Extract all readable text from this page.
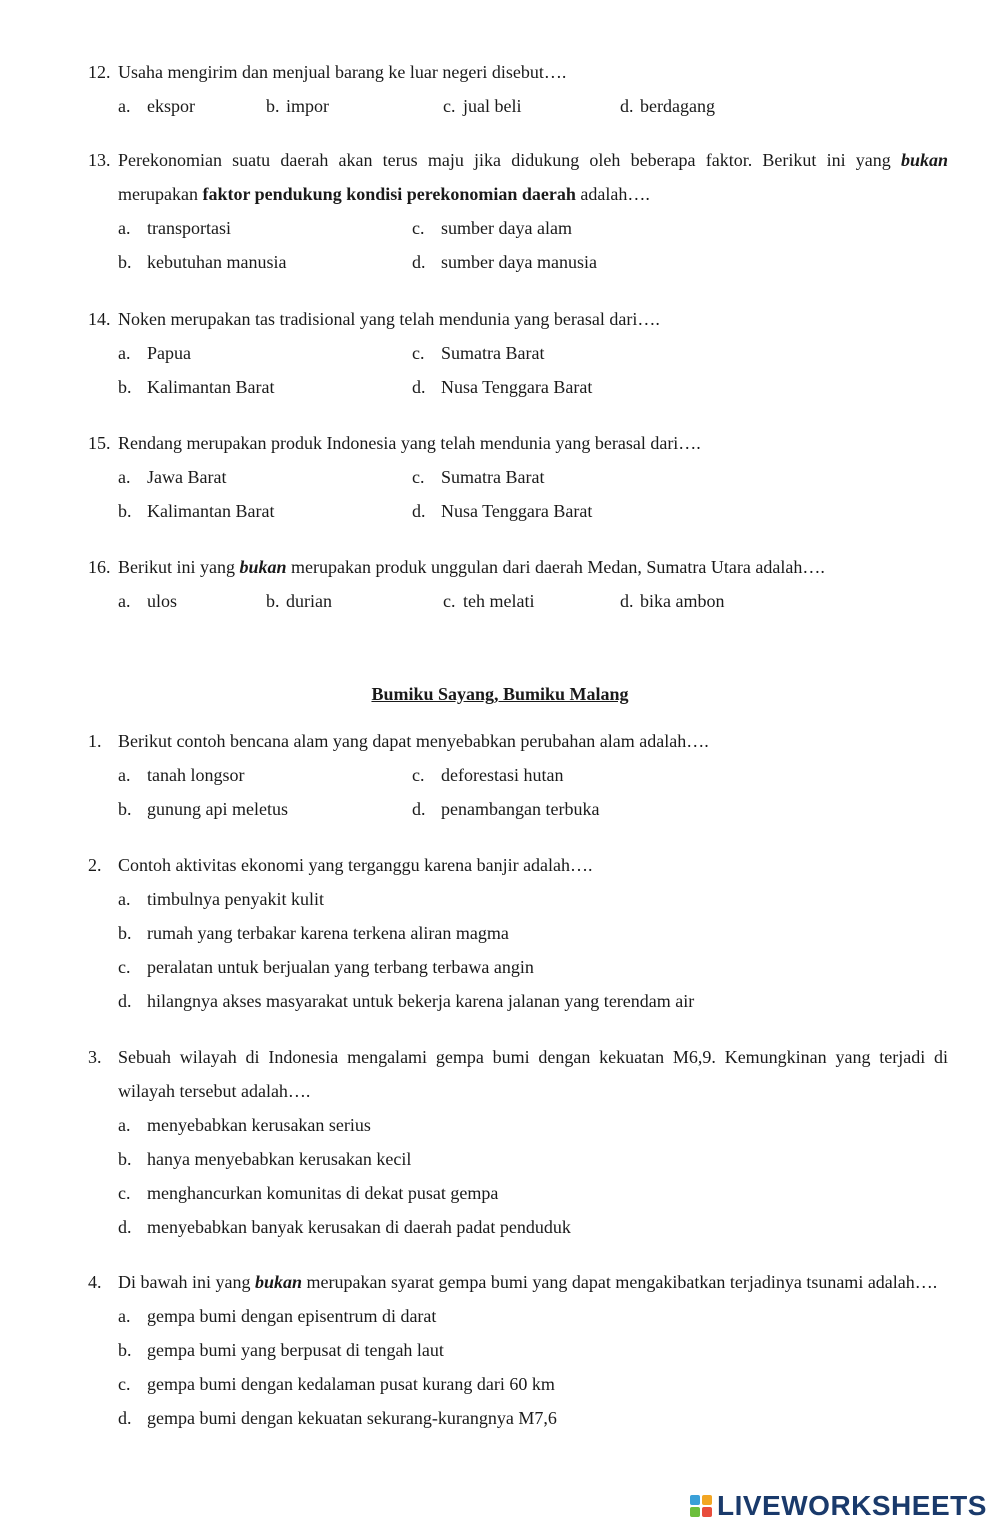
12. Usaha mengirim dan menjual barang ke luar negeri disebut….
a. ekspor	b. impor	c. jual beli	d. berdagang
13. Perekonomian suatu daerah akan terus maju jika didukung oleh beberapa faktor. Berikut ini yang bukan merupakan faktor pendukung kondisi perekonomian daerah adalah….
a. transportasi	c. sumber daya alam
b. kebutuhan manusia	d. sumber daya manusia
14. Noken merupakan tas tradisional yang telah mendunia yang berasal dari….
a. Papua	c. Sumatra Barat
b. Kalimantan Barat	d. Nusa Tenggara Barat
15. Rendang merupakan produk Indonesia yang telah mendunia yang berasal dari….
a. Jawa Barat	c. Sumatra Barat
b. Kalimantan Barat	d. Nusa Tenggara Barat
16. Berikut ini yang bukan merupakan produk unggulan dari daerah Medan, Sumatra Utara adalah….
a. ulos	b. durian	c. teh melati	d. bika ambon
Bumiku Sayang, Bumiku Malang
1. Berikut contoh bencana alam yang dapat menyebabkan perubahan alam adalah….
a. tanah longsor	c. deforestasi hutan
b. gunung api meletus	d. penambangan terbuka
2. Contoh aktivitas ekonomi yang terganggu karena banjir adalah….
a. timbulnya penyakit kulit
b. rumah yang terbakar karena terkena aliran magma
c. peralatan untuk berjualan yang terbang terbawa angin
d. hilangnya akses masyarakat untuk bekerja karena jalanan yang terendam air
3. Sebuah wilayah di Indonesia mengalami gempa bumi dengan kekuatan M6,9. Kemungkinan yang terjadi di wilayah tersebut adalah….
a. menyebabkan kerusakan serius
b. hanya menyebabkan kerusakan kecil
c. menghancurkan komunitas di dekat pusat gempa
d. menyebabkan banyak kerusakan di daerah padat penduduk
4. Di bawah ini yang bukan merupakan syarat gempa bumi yang dapat mengakibatkan terjadinya tsunami adalah….
a. gempa bumi dengan episentrum di darat
b. gempa bumi yang berpusat di tengah laut
c. gempa bumi dengan kedalaman pusat kurang dari 60 km
d. gempa bumi dengan kekuatan sekurang-kurangnya M7,6
LIVEWORKSHEETS
